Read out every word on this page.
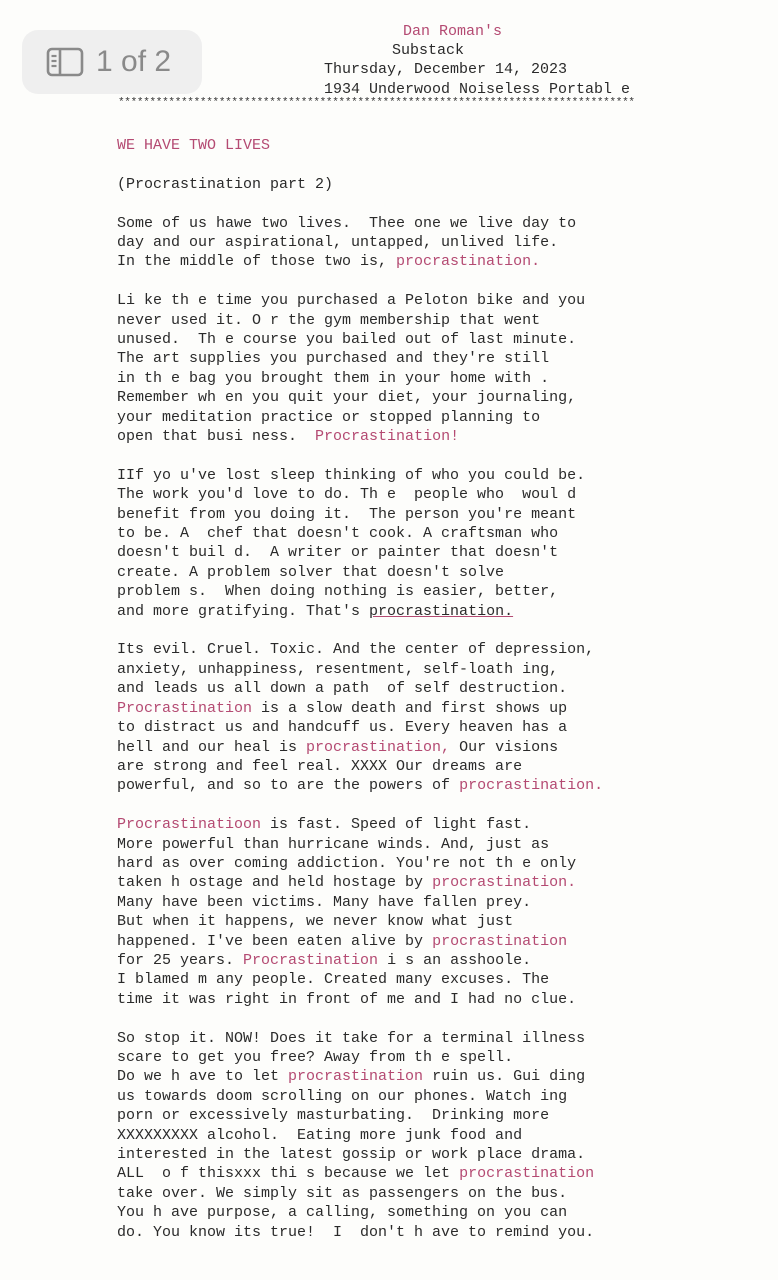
1 of 2
Dan Roman's
Substack
Thursday, December 14, 2023
1934 Underwood Noiseless Portabl e
**********************************************************************************

WE HAVE TWO LIVES

(Procrastination part 2)

Some of us hawe two lives.  Thee one we live day to
day and our aspirational, untapped, unlived life.
In the middle of those two is, procrastination.

Li ke th e time you purchased a Peloton bike and you
never used it. O r the gym membership that went
unused.  Th e course you bailed out of last minute.
The art supplies you purchased and they're still
in th e bag you brought them in your home with .
Remember wh en you quit your diet, your journaling,
your meditation practice or stopped planning to
open that busi ness.  Procrastination!

IIf yo u've lost sleep thinking of who you could be.
The work you'd love to do. Th e  people who  woul d
benefit from you doing it.  The person you're meant
to be. A  chef that doesn't cook. A craftsman who
doesn't buil d.  A writer or painter that doesn't
create. A problem solver that doesn't solve
problem s.  When doing nothing is easier, better,
and more gratifying. That's procrastination.

Its evil. Cruel. Toxic. And the center of depression,
anxiety, unhappiness, resentment, self-loath ing,
and leads us all down a path  of self destruction.
Procrastination is a slow death and first shows up
to distract us and handcuff us. Every heaven has a
hell and our heal is procrastination, Our visions
are strong and feel real. XXXX Our dreams are
powerful, and so to are the powers of procrastination.

Procrastinatioon is fast. Speed of light fast.
More powerful than hurricane winds. And, just as
hard as over coming addiction. You're not th e only
taken h ostage and held hostage by procrastination.
Many have been victims. Many have fallen prey.
But when it happens, we never know what just
happened. I've been eaten alive by procrastination
for 25 years. Procrastination i s an asshoole.
I blamed m any people. Created many excuses. The
time it was right in front of me and I had no clue.

So stop it. NOW! Does it take for a terminal illness
scare to get you free? Away from th e spell.
Do we h ave to let procrastination ruin us. Gui ding
us towards doom scrolling on our phones. Watch ing
porn or excessively masturbating.  Drinking more
XXXXXXXXX alcohol.  Eating more junk food and
interested in the latest gossip or work place drama.
ALL  o f thisxxx thi s because we let procrastination
take over. We simply sit as passengers on the bus.
You h ave purpose, a calling, something on you can
do. You know its true!  I  don't h ave to remind you.
